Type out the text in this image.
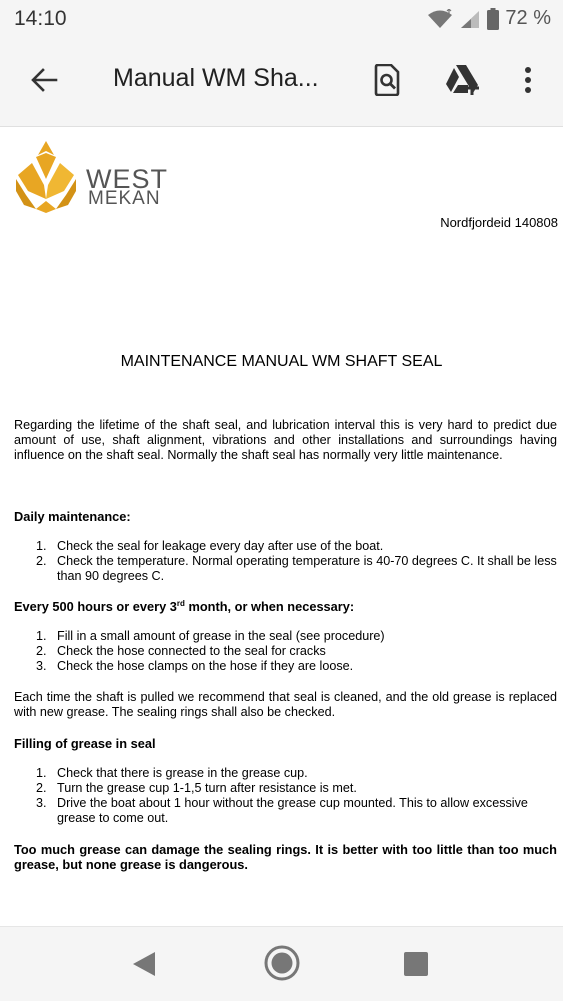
14:10	72 %
Manual WM Sha...
WEST
MEKAN
Nordfjordeid 140808
MAINTENANCE MANUAL WM SHAFT SEAL
Regarding the lifetime of the shaft seal, and lubrication interval this is very hard to predict due amount of use, shaft alignment, vibrations and other installations and surroundings having influence on the shaft seal. Normally the shaft seal has normally very little maintenance.
Daily maintenance:
1. Check the seal for leakage every day after use of the boat.
2. Check the temperature. Normal operating temperature is 40-70 degrees C. It shall be less than 90 degrees C.
Every 500 hours or every 3rd month, or when necessary:
1. Fill in a small amount of grease in the seal (see procedure)
2. Check the hose connected to the seal for cracks
3. Check the hose clamps on the hose if they are loose.
Each time the shaft is pulled we recommend that seal is cleaned, and the old grease is replaced with new grease. The sealing rings shall also be checked.
Filling of grease in seal
1. Check that there is grease in the grease cup.
2. Turn the grease cup 1-1,5 turn after resistance is met.
3. Drive the boat about 1 hour without the grease cup mounted. This to allow excessive grease to come out.
Too much grease can damage the sealing rings. It is better with too little than too much grease, but none grease is dangerous.
